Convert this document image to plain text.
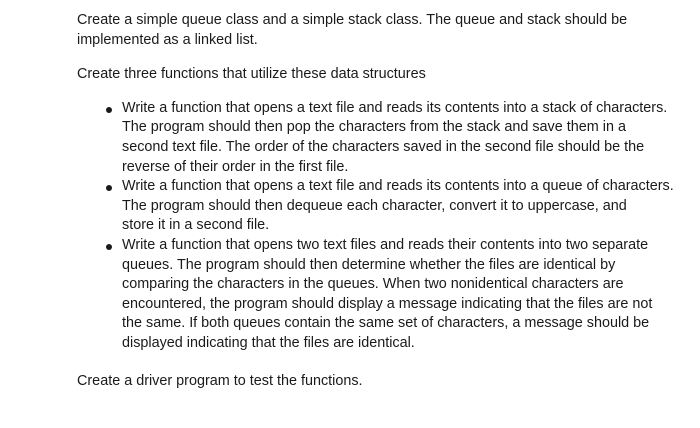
Create a simple queue class and a simple stack class. The queue and stack should be implemented as a linked list.

Create three functions that utilize these data structures

Write a function that opens a text file and reads its contents into a stack of characters. The program should then pop the characters from the stack and save them in a second text file. The order of the characters saved in the second file should be the reverse of their order in the first file.
Write a function that opens a text file and reads its contents into a queue of characters. The program should then dequeue each character, convert it to uppercase, and
store it in a second file.
Write a function that opens two text files and reads their contents into two separate queues. The program should then determine whether the files are identical by comparing the characters in the queues. When two nonidentical characters are encountered, the program should display a message indicating that the files are not the same. If both queues contain the same set of characters, a message should be displayed indicating that the files are identical.

Create a driver program to test the functions.
